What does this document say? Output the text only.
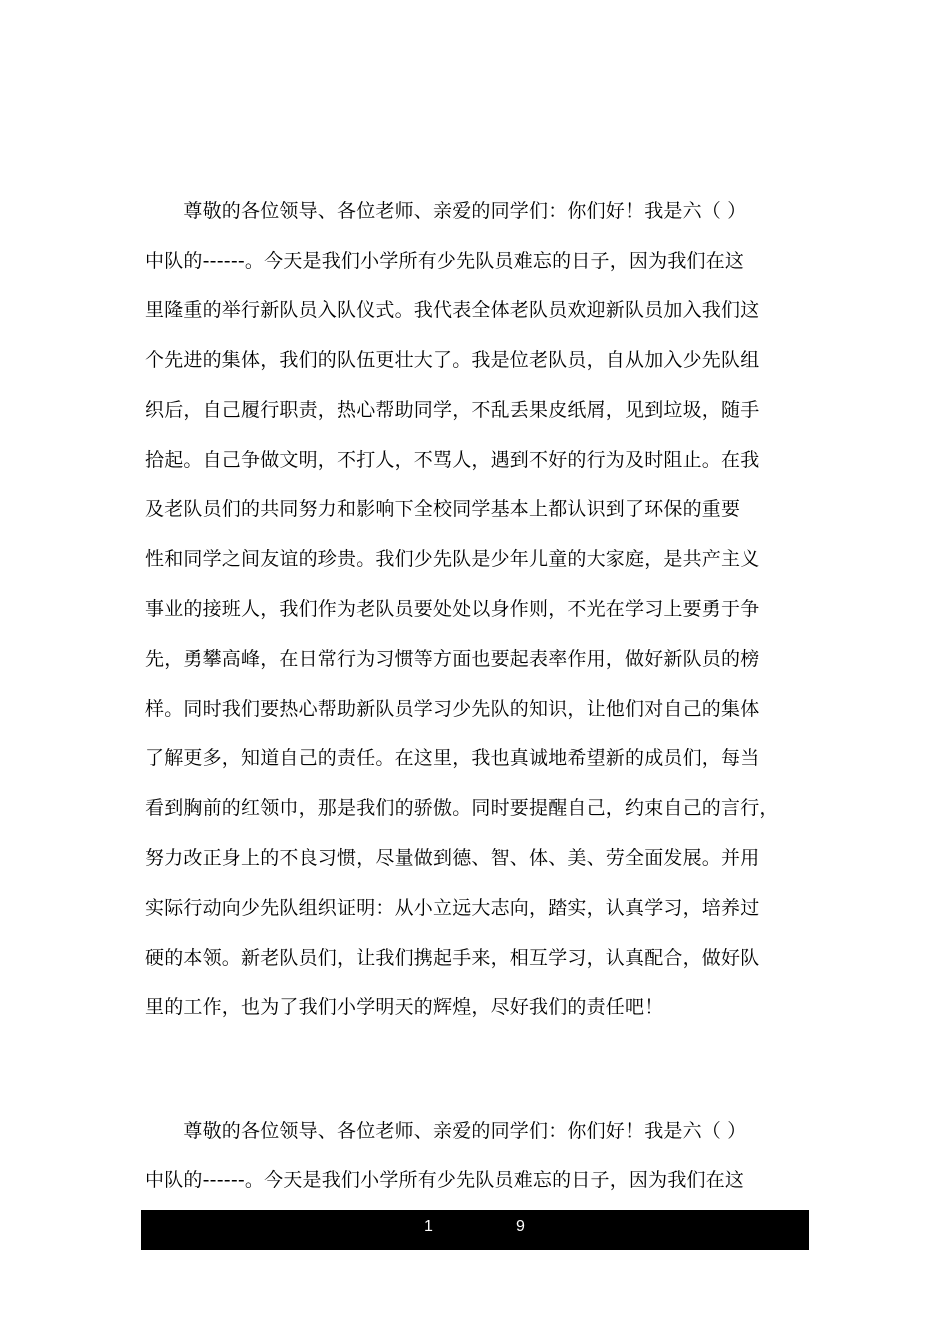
　　尊敬的各位领导、各位老师、亲爱的同学们：你们好！我是六（ ）
中队的------。今天是我们小学所有少先队员难忘的日子，因为我们在这
里隆重的举行新队员入队仪式。我代表全体老队员欢迎新队员加入我们这
个先进的集体，我们的队伍更壮大了。我是位老队员，自从加入少先队组
织后，自己履行职责，热心帮助同学，不乱丢果皮纸屑，见到垃圾，随手
拾起。自己争做文明，不打人，不骂人，遇到不好的行为及时阻止。在我
及老队员们的共同努力和影响下全校同学基本上都认识到了环保的重要
性和同学之间友谊的珍贵。我们少先队是少年儿童的大家庭，是共产主义
事业的接班人，我们作为老队员要处处以身作则，不光在学习上要勇于争
先，勇攀高峰，在日常行为习惯等方面也要起表率作用，做好新队员的榜
样。同时我们要热心帮助新队员学习少先队的知识，让他们对自己的集体
了解更多，知道自己的责任。在这里，我也真诚地希望新的成员们，每当
看到胸前的红领巾，那是我们的骄傲。同时要提醒自己，约束自己的言行，
努力改正身上的不良习惯，尽量做到德、智、体、美、劳全面发展。并用
实际行动向少先队组织证明：从小立远大志向，踏实，认真学习，培养过
硬的本领。新老队员们，让我们携起手来，相互学习，认真配合，做好队
里的工作，也为了我们小学明天的辉煌，尽好我们的责任吧！
　　尊敬的各位领导、各位老师、亲爱的同学们：你们好！我是六（ ）
中队的------。今天是我们小学所有少先队员难忘的日子，因为我们在这
1	9
